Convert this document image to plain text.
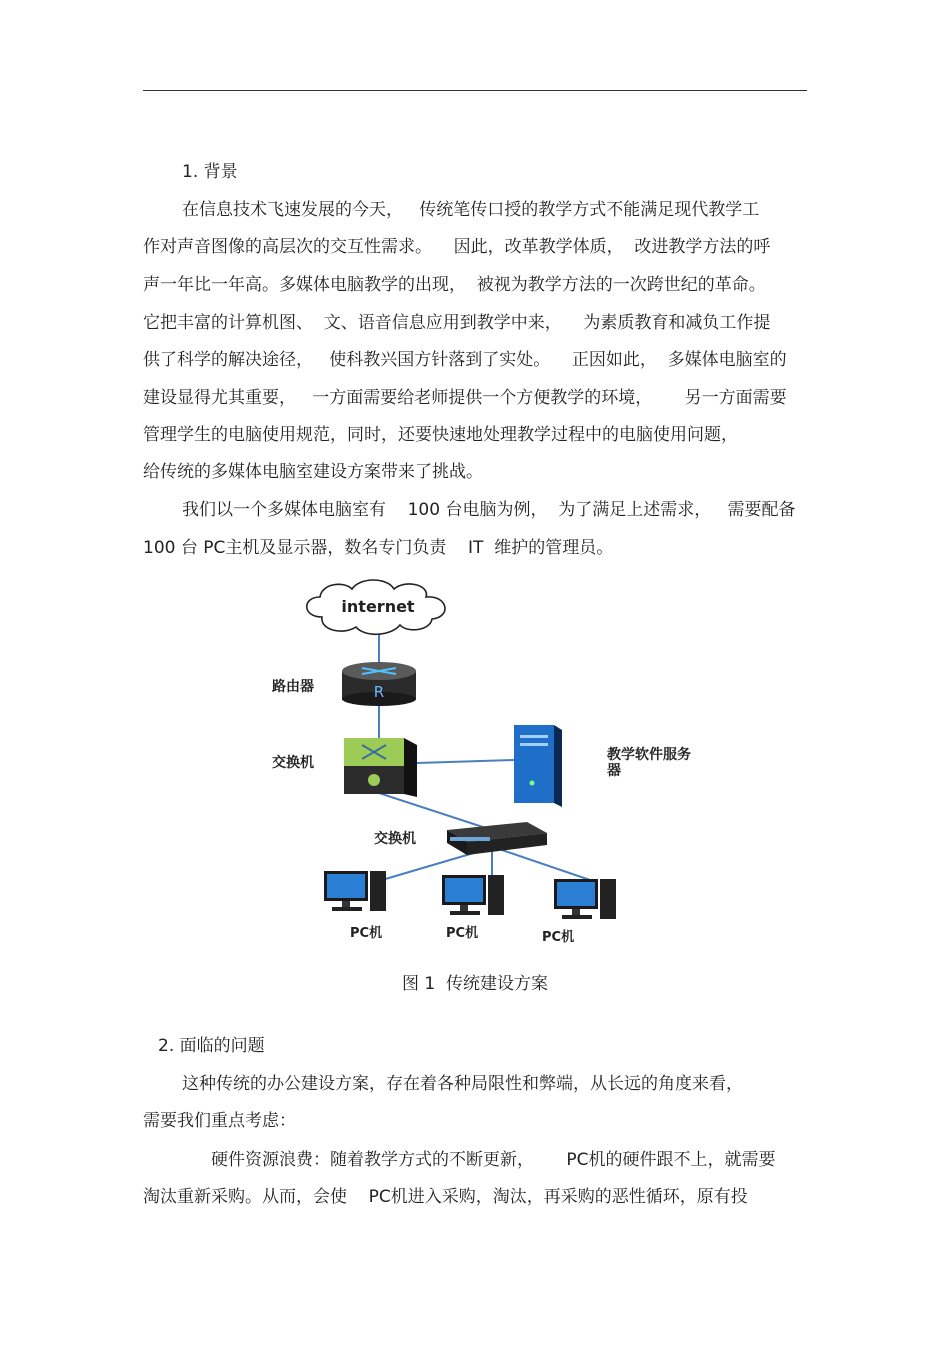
1. 背景
在信息技术飞速发展的今天，   传统笔传口授的教学方式不能满足现代教学工
作对声音图像的高层次的交互性需求。    因此，改革教学体质，  改进教学方法的呼
声一年比一年高。多媒体电脑教学的出现，  被视为教学方法的一次跨世纪的革命。
它把丰富的计算机图、  文、语音信息应用到教学中来，    为素质教育和减负工作提
供了科学的解决途径，   使科教兴国方针落到了实处。    正因如此，  多媒体电脑室的
建设显得尤其重要，   一方面需要给老师提供一个方便教学的环境，      另一方面需要
管理学生的电脑使用规范，同时，还要快速地处理教学过程中的电脑使用问题，
给传统的多媒体电脑室建设方案带来了挑战。
我们以一个多媒体电脑室有    100 台电脑为例，  为了满足上述需求，   需要配备
100 台 PC主机及显示器，数名专门负责    IT  维护的管理员。
internet
R
路由器
交换机	教学软件服务
器
交换机
PC机	PC机	PC机
图 1  传统建设方案
2. 面临的问题
这种传统的办公建设方案，存在着各种局限性和弊端，从长远的角度来看，
需要我们重点考虑：
硬件资源浪费：随着教学方式的不断更新，      PC机的硬件跟不上，就需要
淘汰重新采购。从而，会使    PC机进入采购，淘汰，再采购的恶性循环，原有投
